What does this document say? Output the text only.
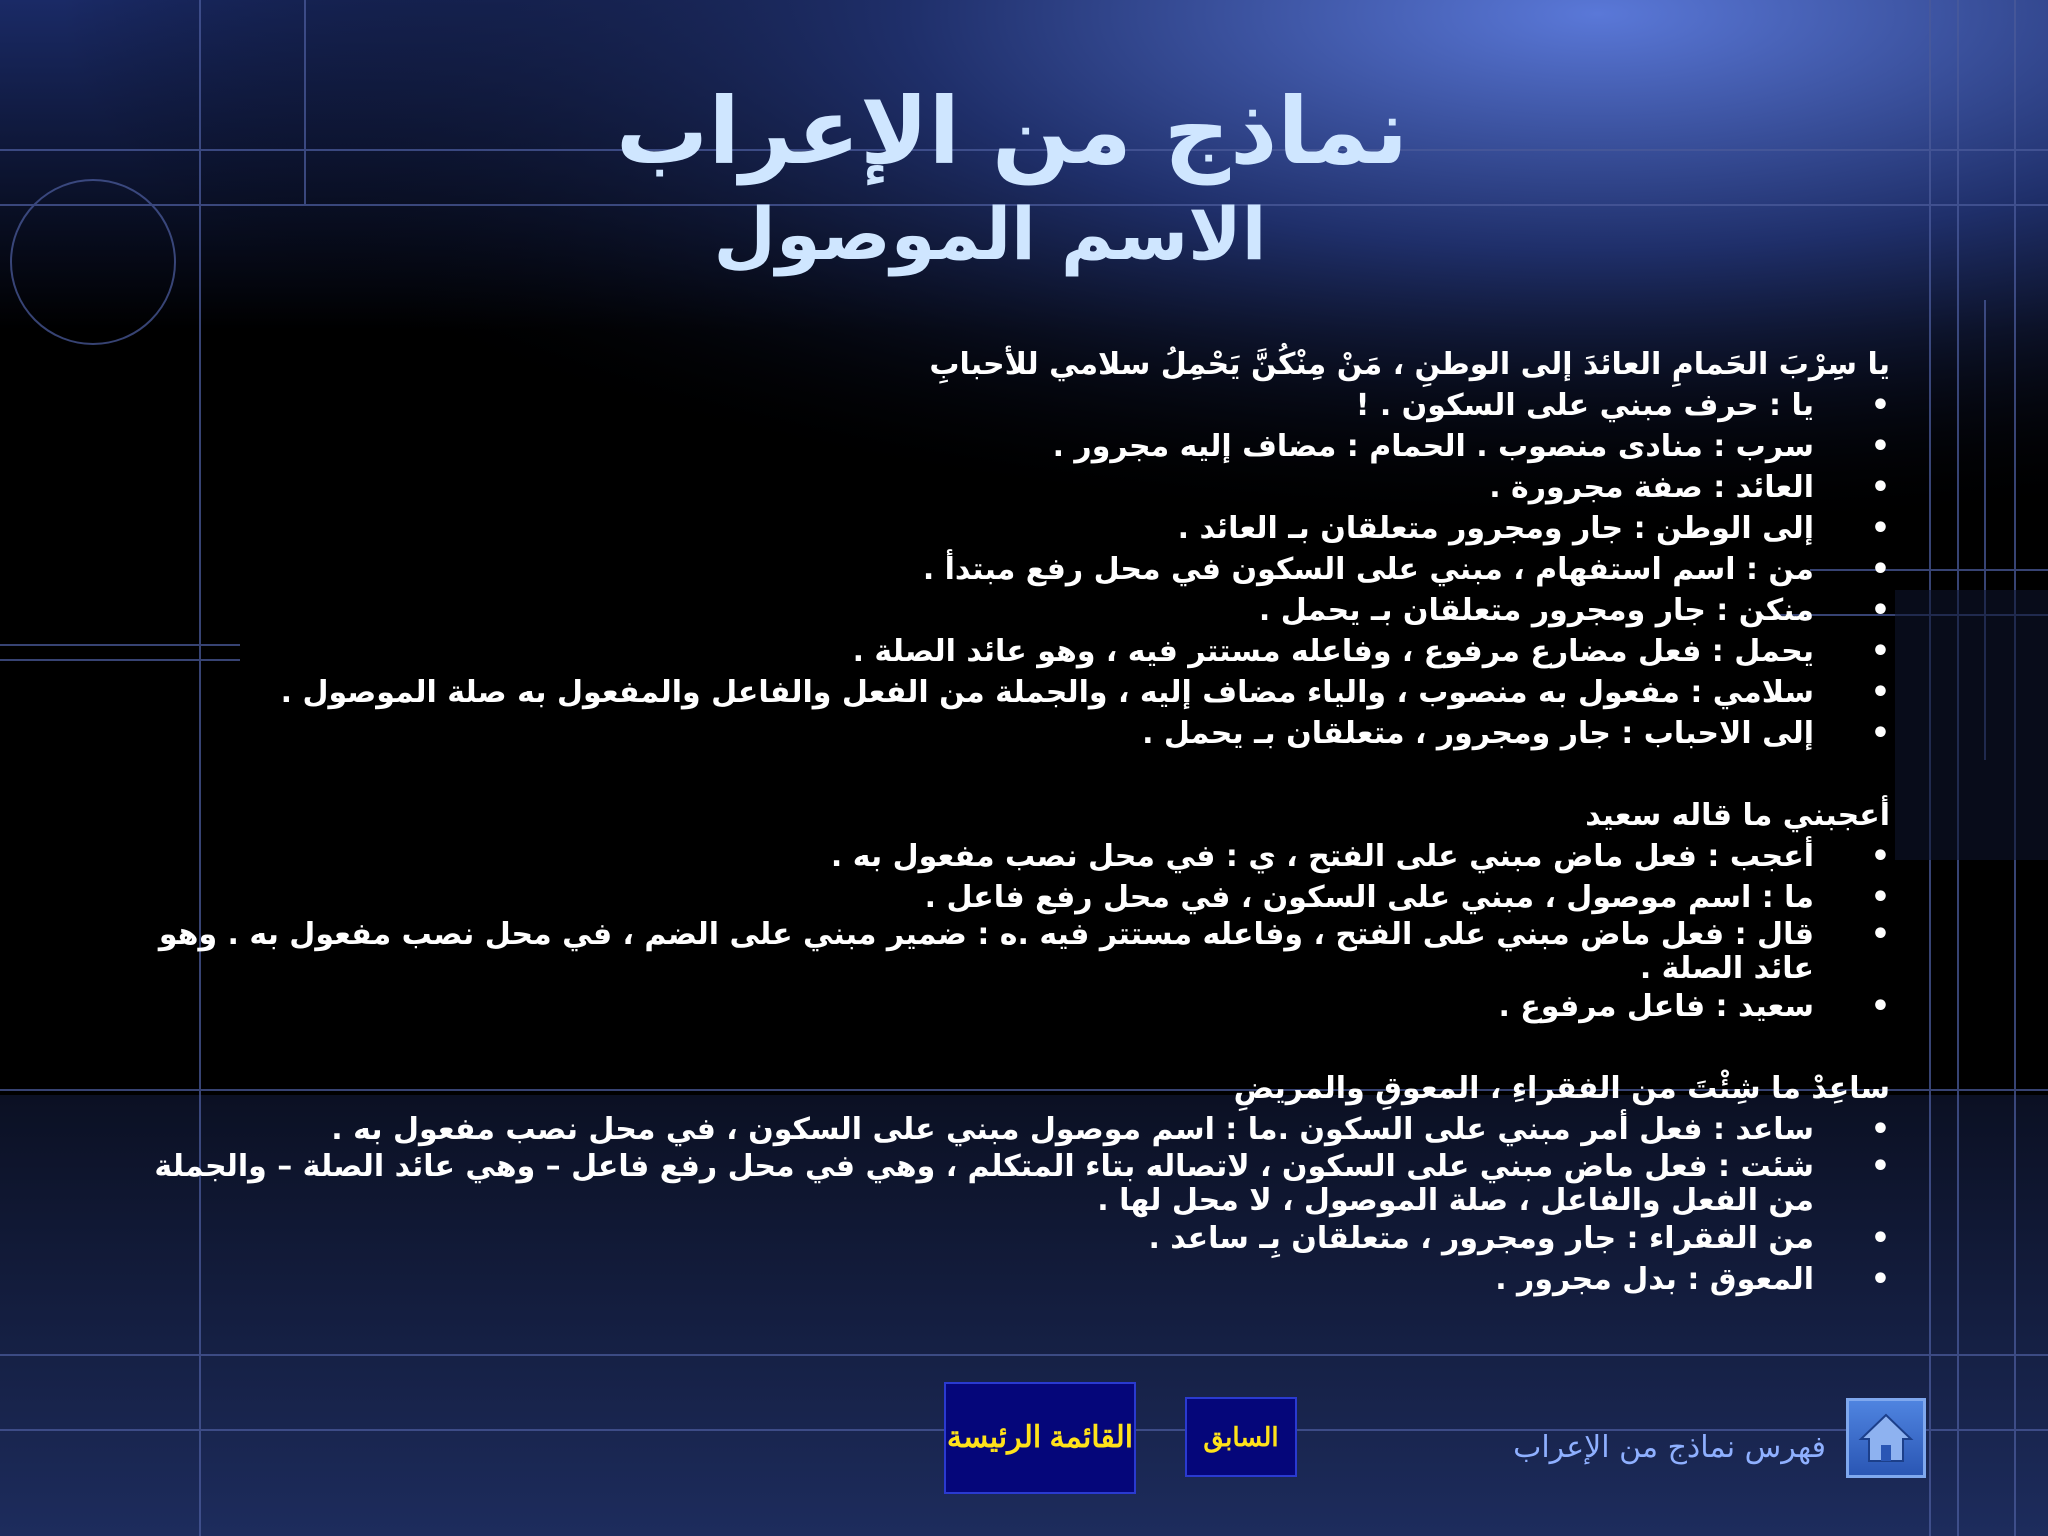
نماذج من الإعراب
الاسم الموصول

يا سِرْبَ الحَمامِ العائدَ إلى الوطنِ ، مَنْ مِنْكُنَّ يَحْمِلُ سلامي للأحبابِ

• يا : حرف مبني على السكون . !
• سرب : منادى منصوب . الحمام : مضاف إليه مجرور .
• العائد : صفة مجرورة .
• إلى الوطن : جار ومجرور متعلقان بـ العائد .
• من : اسم استفهام ، مبني على السكون في محل رفع مبتدأ .
• منكن : جار ومجرور متعلقان بـ يحمل .
• يحمل : فعل مضارع مرفوع ، وفاعله مستتر فيه ، وهو عائد الصلة .
• سلامي : مفعول به منصوب ، والياء مضاف إليه ، والجملة من الفعل والفاعل والمفعول به صلة الموصول .
• إلى الاحباب : جار ومجرور ، متعلقان بـ يحمل .

أعجبني ما قاله سعيد

• أعجب : فعل ماض مبني على الفتح ، ي : في محل نصب مفعول به .
• ما : اسم موصول ، مبني على السكون ، في محل رفع فاعل .
• قال : فعل ماض مبني على الفتح ، وفاعله مستتر فيه .ه : ضمير مبني على الضم ، في محل نصب مفعول به . وهو عائد الصلة .
• سعيد : فاعل مرفوع .

ساعِدْ ما شِئْتَ من الفقراءِ ، المعوقِ والمريضِ

• ساعد : فعل أمر مبني على السكون .ما : اسم موصول مبني على السكون ، في محل نصب مفعول به .
• شئت : فعل ماض مبني على السكون ، لاتصاله بتاء المتكلم ، وهي في محل رفع فاعل – وهي عائد الصلة – والجملة من الفعل والفاعل ، صلة الموصول ، لا محل لها .
• من الفقراء : جار ومجرور ، متعلقان بِـ ساعد .
• المعوق : بدل مجرور .
القائمة الرئيسة	السابق	فهرس نماذج من الإعراب
